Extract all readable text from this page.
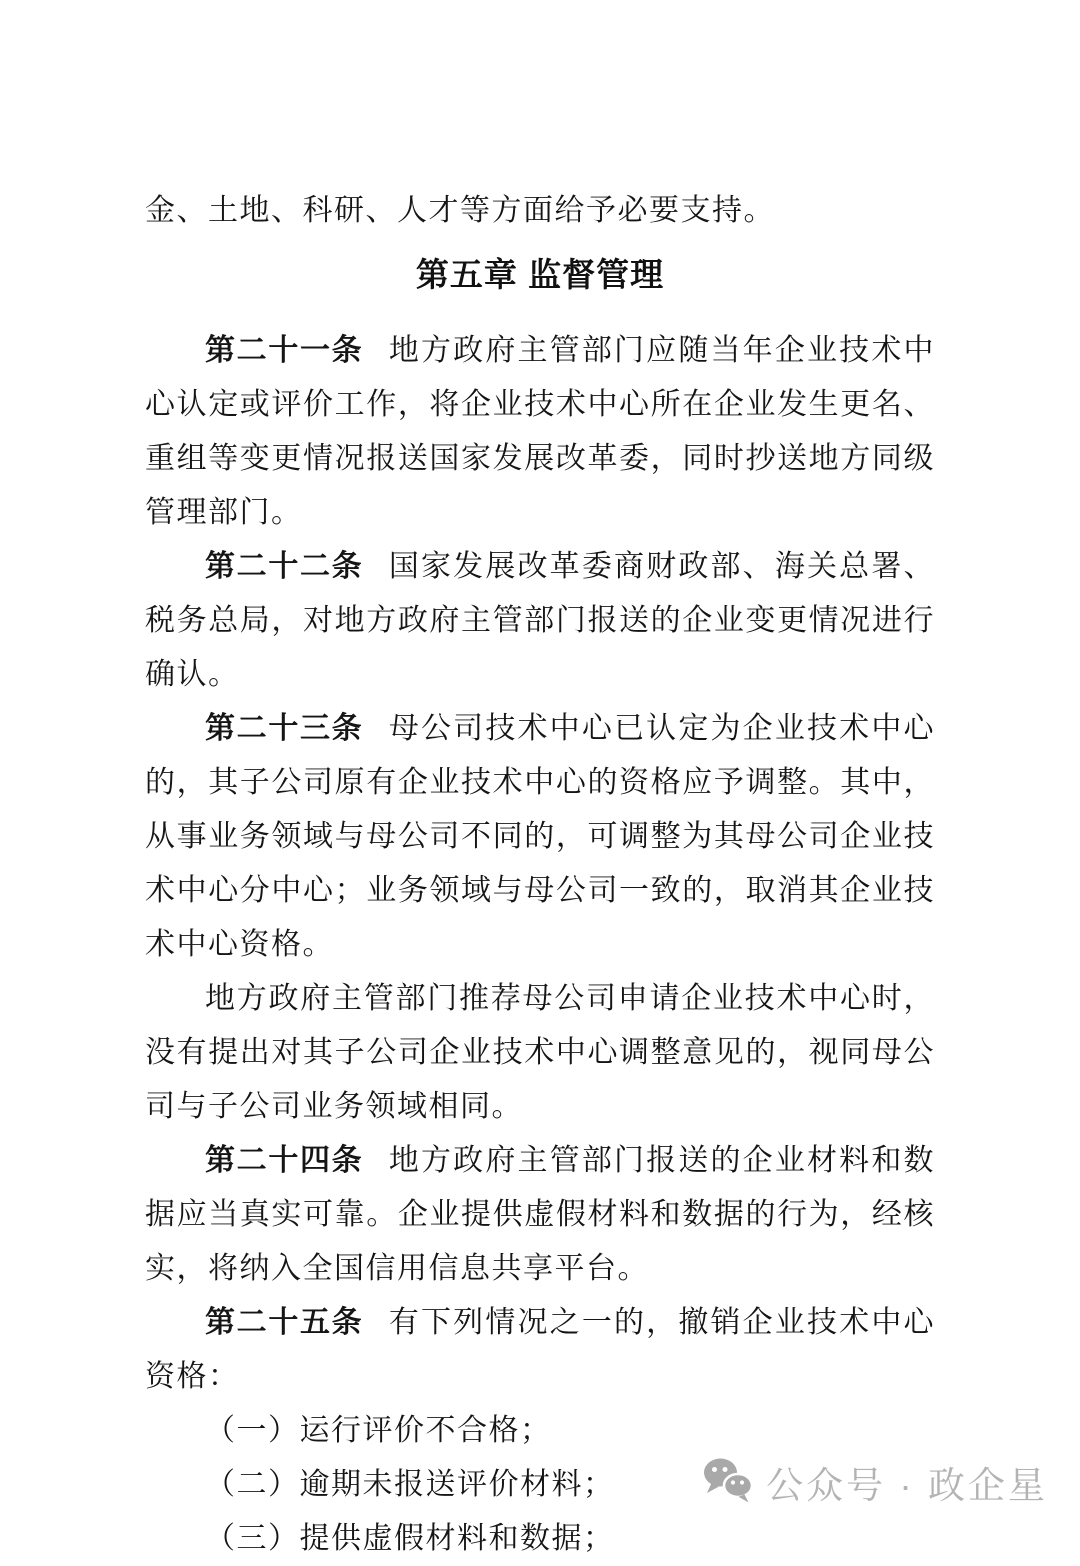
金、土地、科研、人才等方面给予必要支持。

第五章 监督管理

第二十一条 地方政府主管部门应随当年企业技术中心认定或评价工作，将企业技术中心所在企业发生更名、重组等变更情况报送国家发展改革委，同时抄送地方同级管理部门。

第二十二条 国家发展改革委商财政部、海关总署、税务总局，对地方政府主管部门报送的企业变更情况进行确认。

第二十三条 母公司技术中心已认定为企业技术中心的，其子公司原有企业技术中心的资格应予调整。其中，从事业务领域与母公司不同的，可调整为其母公司企业技术中心分中心；业务领域与母公司一致的，取消其企业技术中心资格。

地方政府主管部门推荐母公司申请企业技术中心时，没有提出对其子公司企业技术中心调整意见的，视同母公司与子公司业务领域相同。

第二十四条 地方政府主管部门报送的企业材料和数据应当真实可靠。企业提供虚假材料和数据的行为，经核实，将纳入全国信用信息共享平台。

第二十五条 有下列情况之一的，撤销企业技术中心资格：

（一）运行评价不合格；

（二）逾期未报送评价材料；

（三）提供虚假材料和数据；

公众号 · 政企星
